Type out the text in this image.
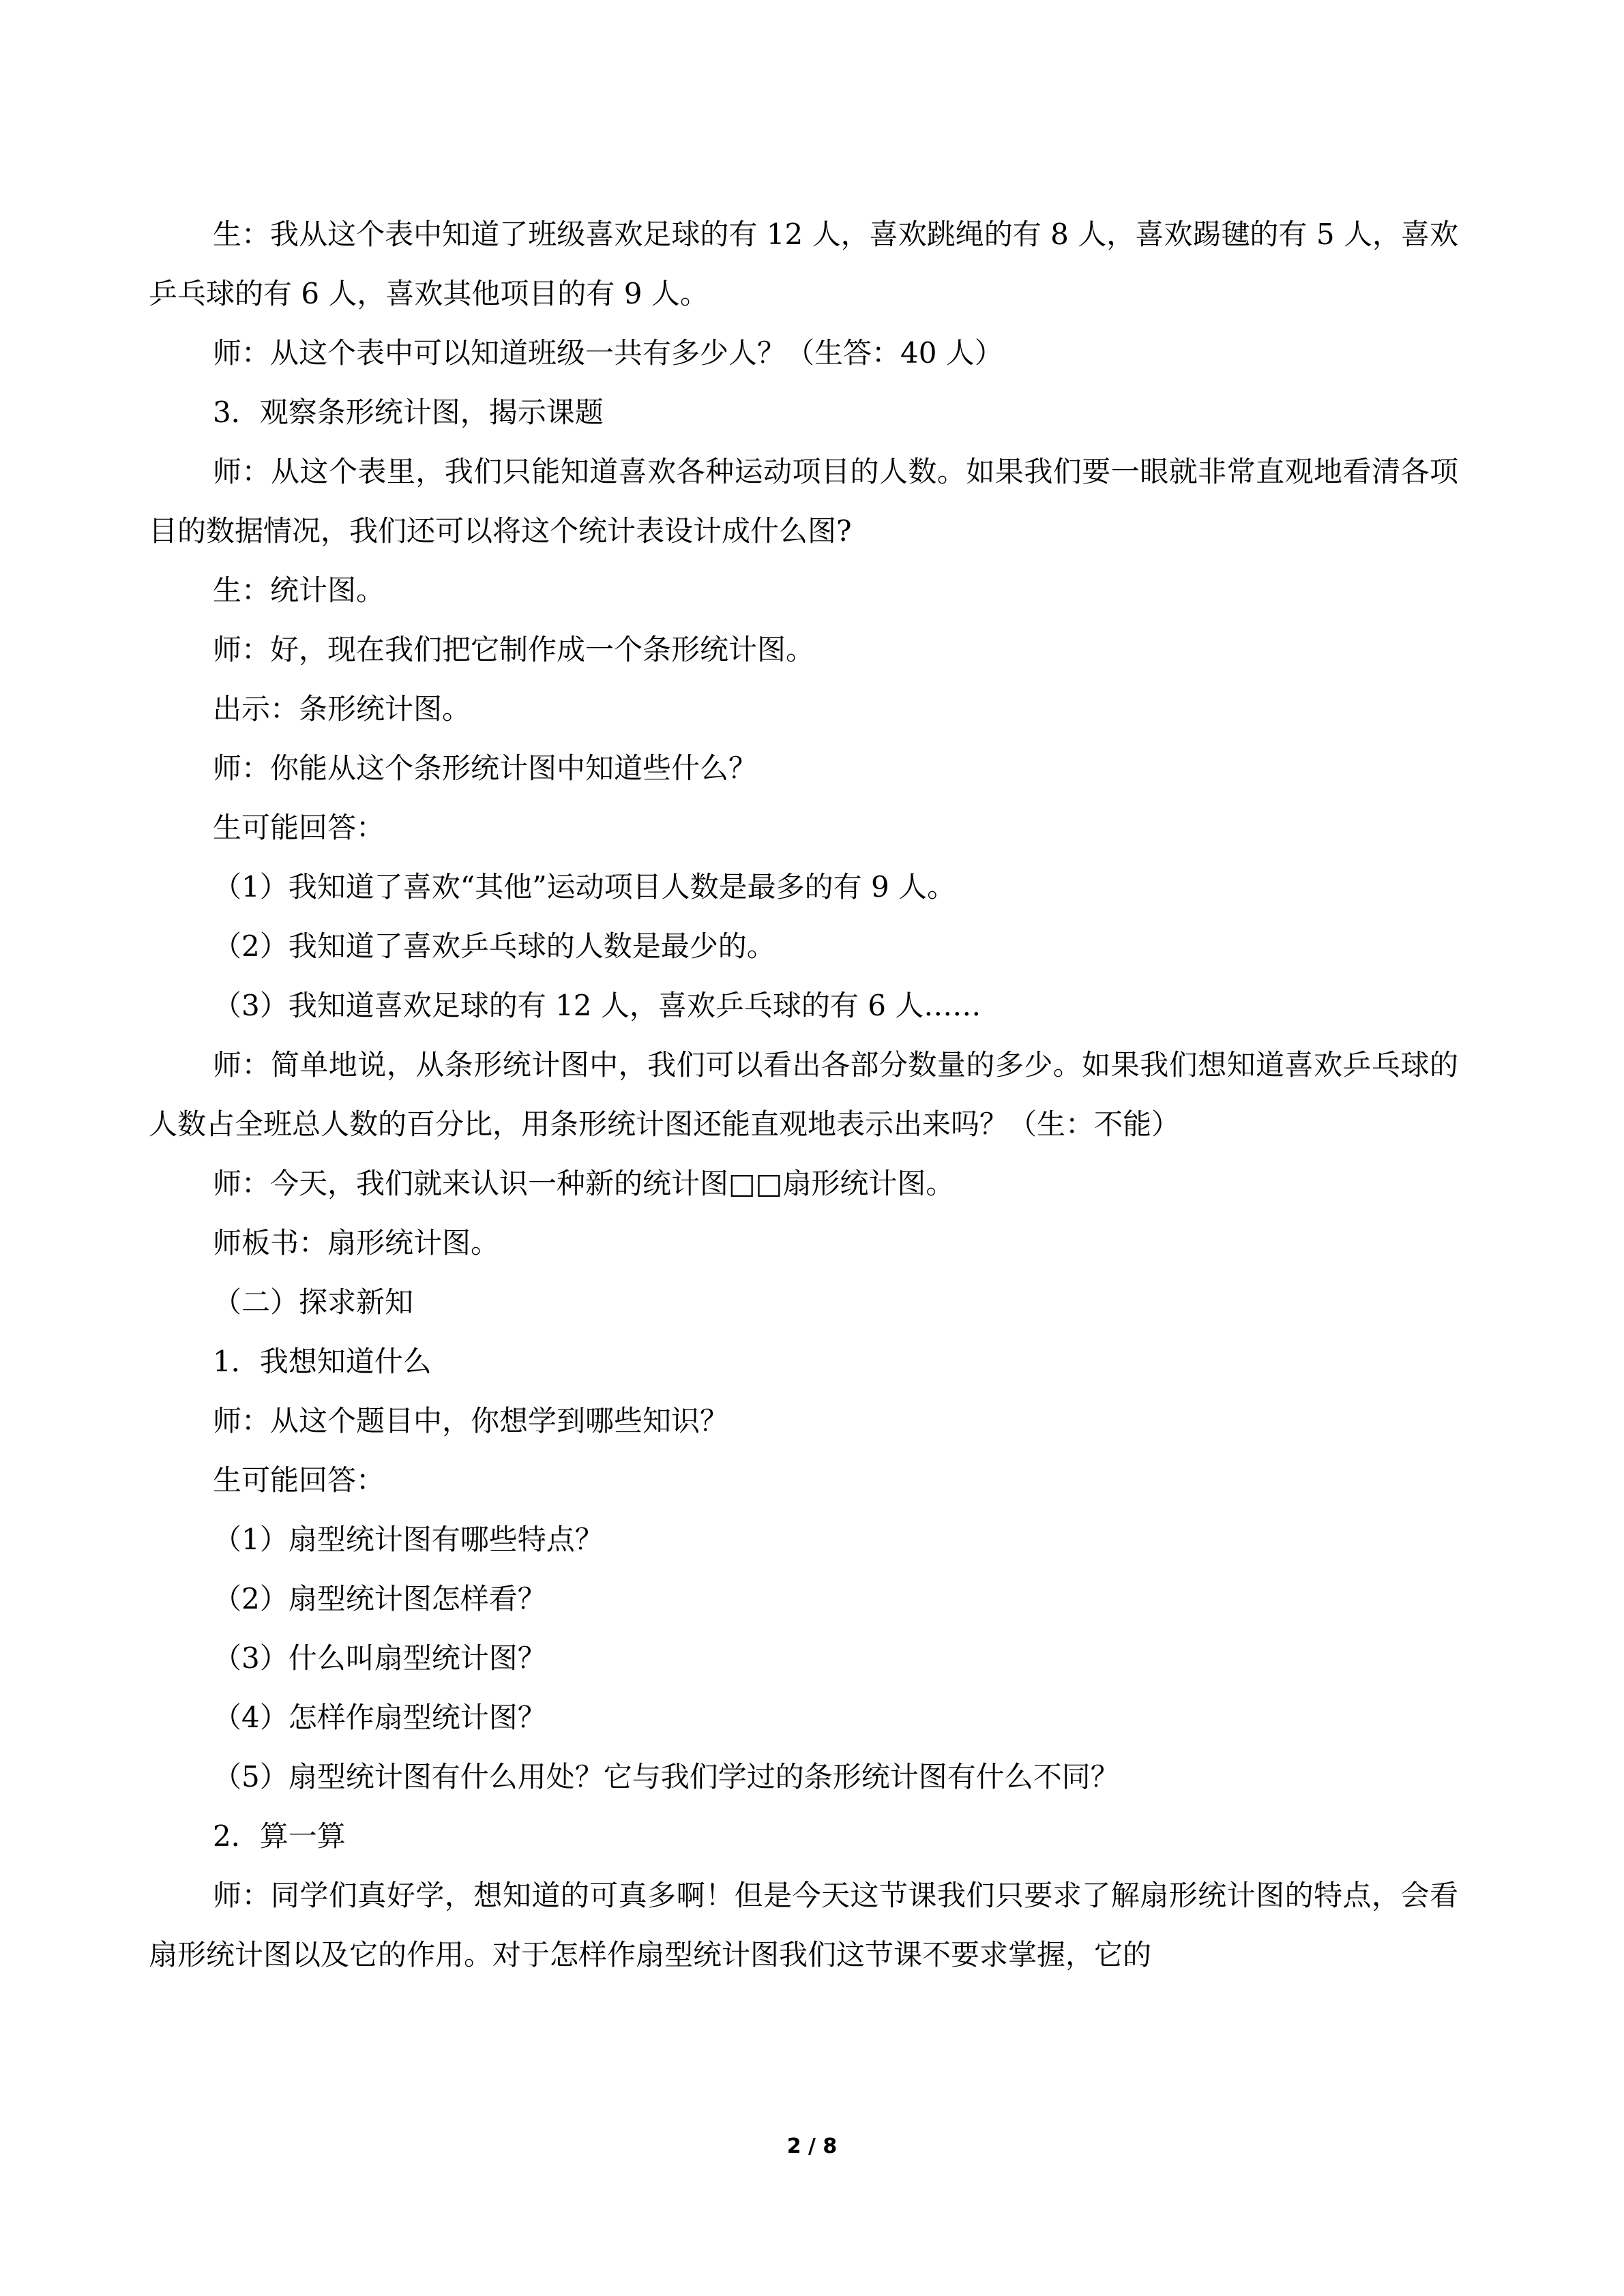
生：我从这个表中知道了班级喜欢足球的有 12 人，喜欢跳绳的有 8 人，喜欢踢毽的有 5 人，喜欢乒乓球的有 6 人，喜欢其他项目的有 9 人。

师：从这个表中可以知道班级一共有多少人？（生答：40 人）

3．观察条形统计图，揭示课题

师：从这个表里，我们只能知道喜欢各种运动项目的人数。如果我们要一眼就非常直观地看清各项目的数据情况，我们还可以将这个统计表设计成什么图?

生：统计图。

师：好，现在我们把它制作成一个条形统计图。

出示：条形统计图。

师：你能从这个条形统计图中知道些什么？

生可能回答：

（1）我知道了喜欢“其他”运动项目人数是最多的有 9 人。

（2）我知道了喜欢乒乓球的人数是最少的。

（3）我知道喜欢足球的有 12 人，喜欢乒乓球的有 6 人……

师：简单地说，从条形统计图中，我们可以看出各部分数量的多少。如果我们想知道喜欢乒乓球的人数占全班总人数的百分比，用条形统计图还能直观地表示出来吗？（生：不能）

师：今天，我们就来认识一种新的统计图□□扇形统计图。

师板书：扇形统计图。

（二）探求新知

1．我想知道什么

师：从这个题目中，你想学到哪些知识？

生可能回答：

（1）扇型统计图有哪些特点？

（2）扇型统计图怎样看？

（3）什么叫扇型统计图？

（4）怎样作扇型统计图？

（5）扇型统计图有什么用处？它与我们学过的条形统计图有什么不同？

2．算一算

师：同学们真好学，想知道的可真多啊！但是今天这节课我们只要求了解扇形统计图的特点，会看扇形统计图以及它的作用。对于怎样作扇型统计图我们这节课不要求掌握，它的

2 / 8
